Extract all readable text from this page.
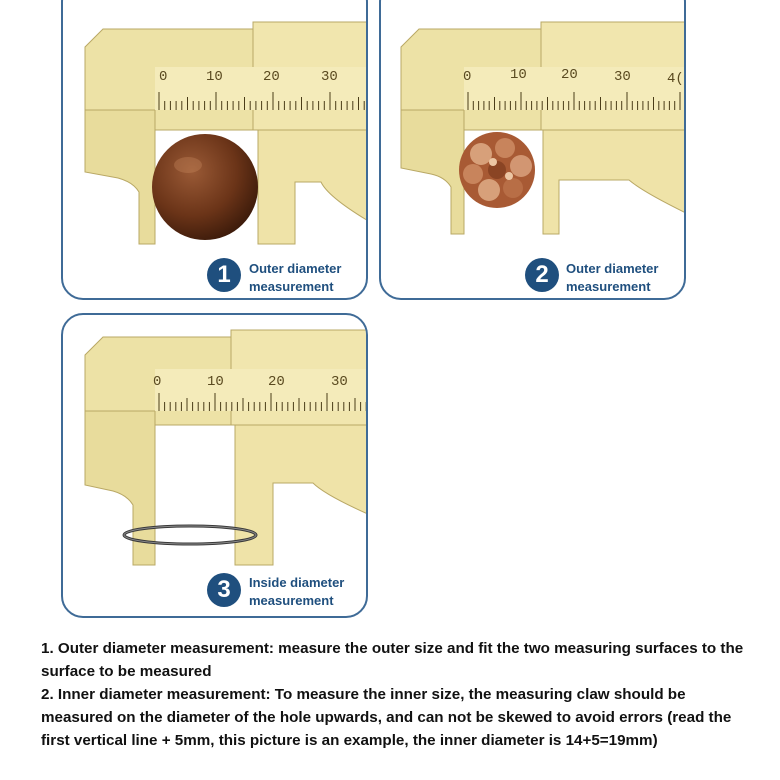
0	10	20	30
1	Outer diameter
measurement
0	10 20	30	4(
2	Outer diameter
measurement
0	10	20	30
3	Inside diameter
measurement

1. Outer diameter measurement: measure the outer size and fit the two measuring surfaces to the surface to be measured

2. Inner diameter measurement: To measure the inner size, the measuring claw should be measured on the diameter of the hole upwards, and can not be skewed to avoid errors (read the first vertical line + 5mm, this picture is an example, the inner diameter is 14+5=19mm)
